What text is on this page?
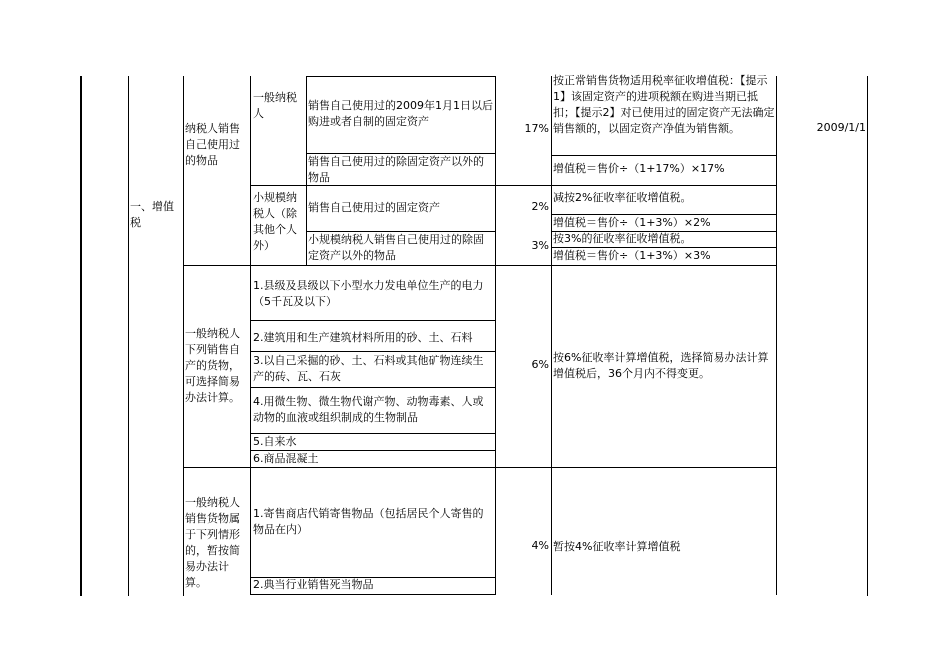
一、增值税
2009/1/1
纳税人销售自己使用过的物品
一般纳税人
销售自己使用过的2009年1月1日以后购进或者自制的固定资产
销售自己使用过的除固定资产以外的物品
17%
按正常销售货物适用税率征收增值税：【提示1】该固定资产的进项税额在购进当期已抵扣；【提示2】对已使用过的固定资产无法确定销售额的，以固定资产净值为销售额。
增值税＝售价÷（1+17%）×17%
小规模纳税人（除其他个人外）
销售自己使用过的固定资产
小规模纳税人销售自己使用过的除固定资产以外的物品
2%
3%
减按2%征收率征收增值税。
增值税＝售价÷（1+3%）×2%
按3%的征收率征收增值税。
增值税＝售价÷（1+3%）×3%
一般纳税人下列销售自产的货物，可选择简易办法计算。
1.县级及县级以下小型水力发电单位生产的电力（5千瓦及以下）
2.建筑用和生产建筑材料所用的砂、土、石料
3.以自己采掘的砂、土、石料或其他矿物连续生产的砖、瓦、石灰
4.用微生物、微生物代谢产物、动物毒素、人或动物的血液或组织制成的生物制品
5.自来水
6.商品混凝土
6%
按6%征收率计算增值税，选择简易办法计算增值税后，36个月内不得变更。
一般纳税人销售货物属于下列情形的，暂按简易办法计算。
1.寄售商店代销寄售物品（包括居民个人寄售的物品在内）
2.典当行业销售死当物品
4% 暂按4%征收率计算增值税
